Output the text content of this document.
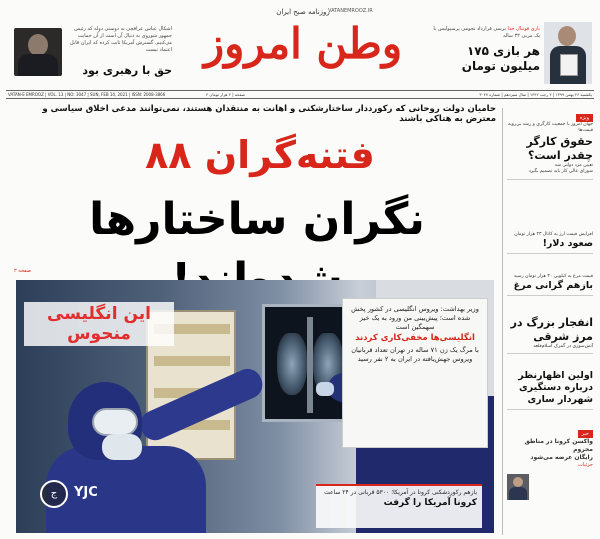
اشکال عباس عراقچی به دوستی دوله که رئیس جمهور شوروی به دنبال آن است از آن حمایت می‌کنیم. گسترش آمریکا ثابت کرده که ایران قابل اعتماد نیست
حق با رهبری بود
روزنامه صبح ایران
VATANEMROOZ.IR
وطن امروز	بازی فوتبال خدا برسی قرارداد نجومی پرسپولیس با یک مربی ۳۲ ساله
هر بازی ۱۷۵ میلیون تومان
VATAN-E EMROOZ | VOL. 13 | NO: 3047 | SUN, FEB 14, 2021 | ISSN: 2008-3866	۴ صفحه | ۲ هزار تومان	یکشنبه ۲۶ بهمن ۱۳۹۹ | ۲ رجب ۱۴۴۲ | سال سیزدهم | شماره ۳۰۴۷
حامیان دولت روحانی که رکورددار ساختارشکنی و اهانت به منتقدان هستند، نمی‌توانند مدعی اخلاق سیاسی و معترض به هتاکی باشند
فتنه‌گران ۸۸
نگران ساختارها
صفحه ۳
وزیر بهداشت: ویروس انگلیسی در کشور پخش شده است؛ پیش‌بینی من ورود به یک خیز سهمگین است
انگلیسی‌ها مخفی‌کاری کردند
با مرگ یک زن ۷۱ ساله در تهران تعداد قربانیان ویروس جهش‌یافته در ایران به ۲ نفر رسید
این انگلیسی منحوس
بازهم رکوردشکنی کرونا در آمریکا؛ ۵۳۰۰ قربانی در ۲۴ ساعت
کرونا آمریکا را گرفت
ج	YJC
ویژه
جهان امروز با جمعیت کارگری و رشد بی‌رویه قیمت‌ها
حقوق کارگر چقدر است؟
تعیین مزد دولتی شد
شورای عالی کار باید تصمیم بگیرد
افزایش قیمت ارز به کانال ۲۳ هزار تومان
صعود دلار!
قیمت مرغ به کیلویی ۳۰ هزار تومان رسید
بازهم گرانی مرغ
انفجار بزرگ در مرز شرقی
آتش‌سوزی در گمرک اسلام‌قلعه
اولین اظهارنظر درباره دستگیری شهردار ساری
خبر
واکسن کرونا در مناطق محروم
رایگان عرضه می‌شود
جزئیات
